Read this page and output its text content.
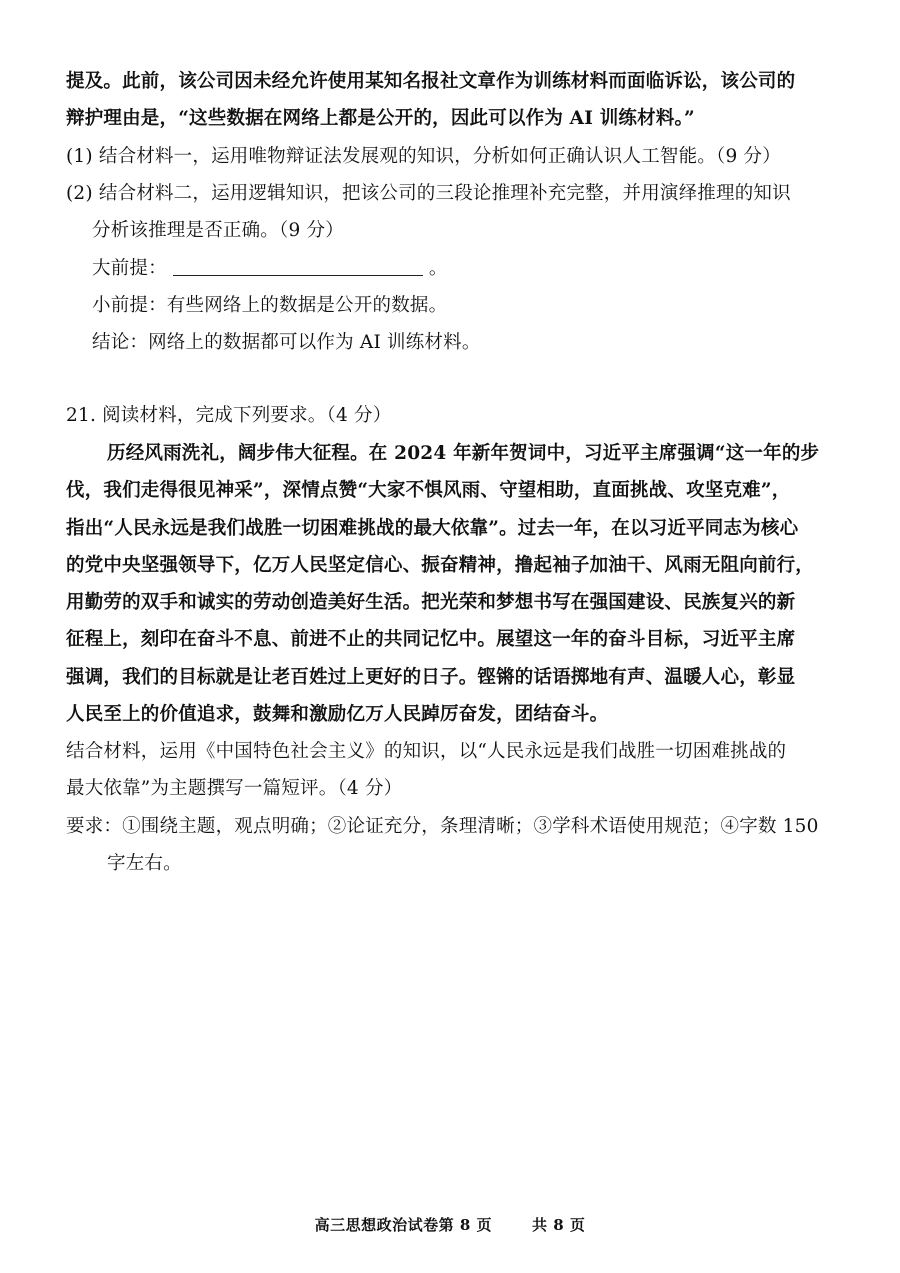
提及。此前，该公司因未经允许使用某知名报社文章作为训练材料而面临诉讼，该公司的
辩护理由是，“这些数据在网络上都是公开的，因此可以作为 AI 训练材料。”
(1) 结合材料一，运用唯物辩证法发展观的知识，分析如何正确认识人工智能。（9 分）
(2) 结合材料二，运用逻辑知识，把该公司的三段论推理补充完整，并用演绎推理的知识
分析该推理是否正确。（9 分）
大前提：	。
小前提：有些网络上的数据是公开的数据。
结论：网络上的数据都可以作为 AI 训练材料。
21. 阅读材料，完成下列要求。（4 分）
历经风雨洗礼，阔步伟大征程。在 2024 年新年贺词中，习近平主席强调“这一年的步
伐，我们走得很见神采”，深情点赞“大家不惧风雨、守望相助，直面挑战、攻坚克难”，
指出“人民永远是我们战胜一切困难挑战的最大依靠”。过去一年，在以习近平同志为核心
的党中央坚强领导下，亿万人民坚定信心、振奋精神，撸起袖子加油干、风雨无阻向前行，
用勤劳的双手和诚实的劳动创造美好生活。把光荣和梦想书写在强国建设、民族复兴的新
征程上，刻印在奋斗不息、前进不止的共同记忆中。展望这一年的奋斗目标，习近平主席
强调，我们的目标就是让老百姓过上更好的日子。铿锵的话语掷地有声、温暖人心，彰显
人民至上的价值追求，鼓舞和激励亿万人民踔厉奋发，团结奋斗。
结合材料，运用《中国特色社会主义》的知识，以“人民永远是我们战胜一切困难挑战的
最大依靠”为主题撰写一篇短评。（4 分）
要求：①围绕主题，观点明确；②论证充分，条理清晰；③学科术语使用规范；④字数 150
字左右。
高三思想政治试卷第 8 页	共 8 页
